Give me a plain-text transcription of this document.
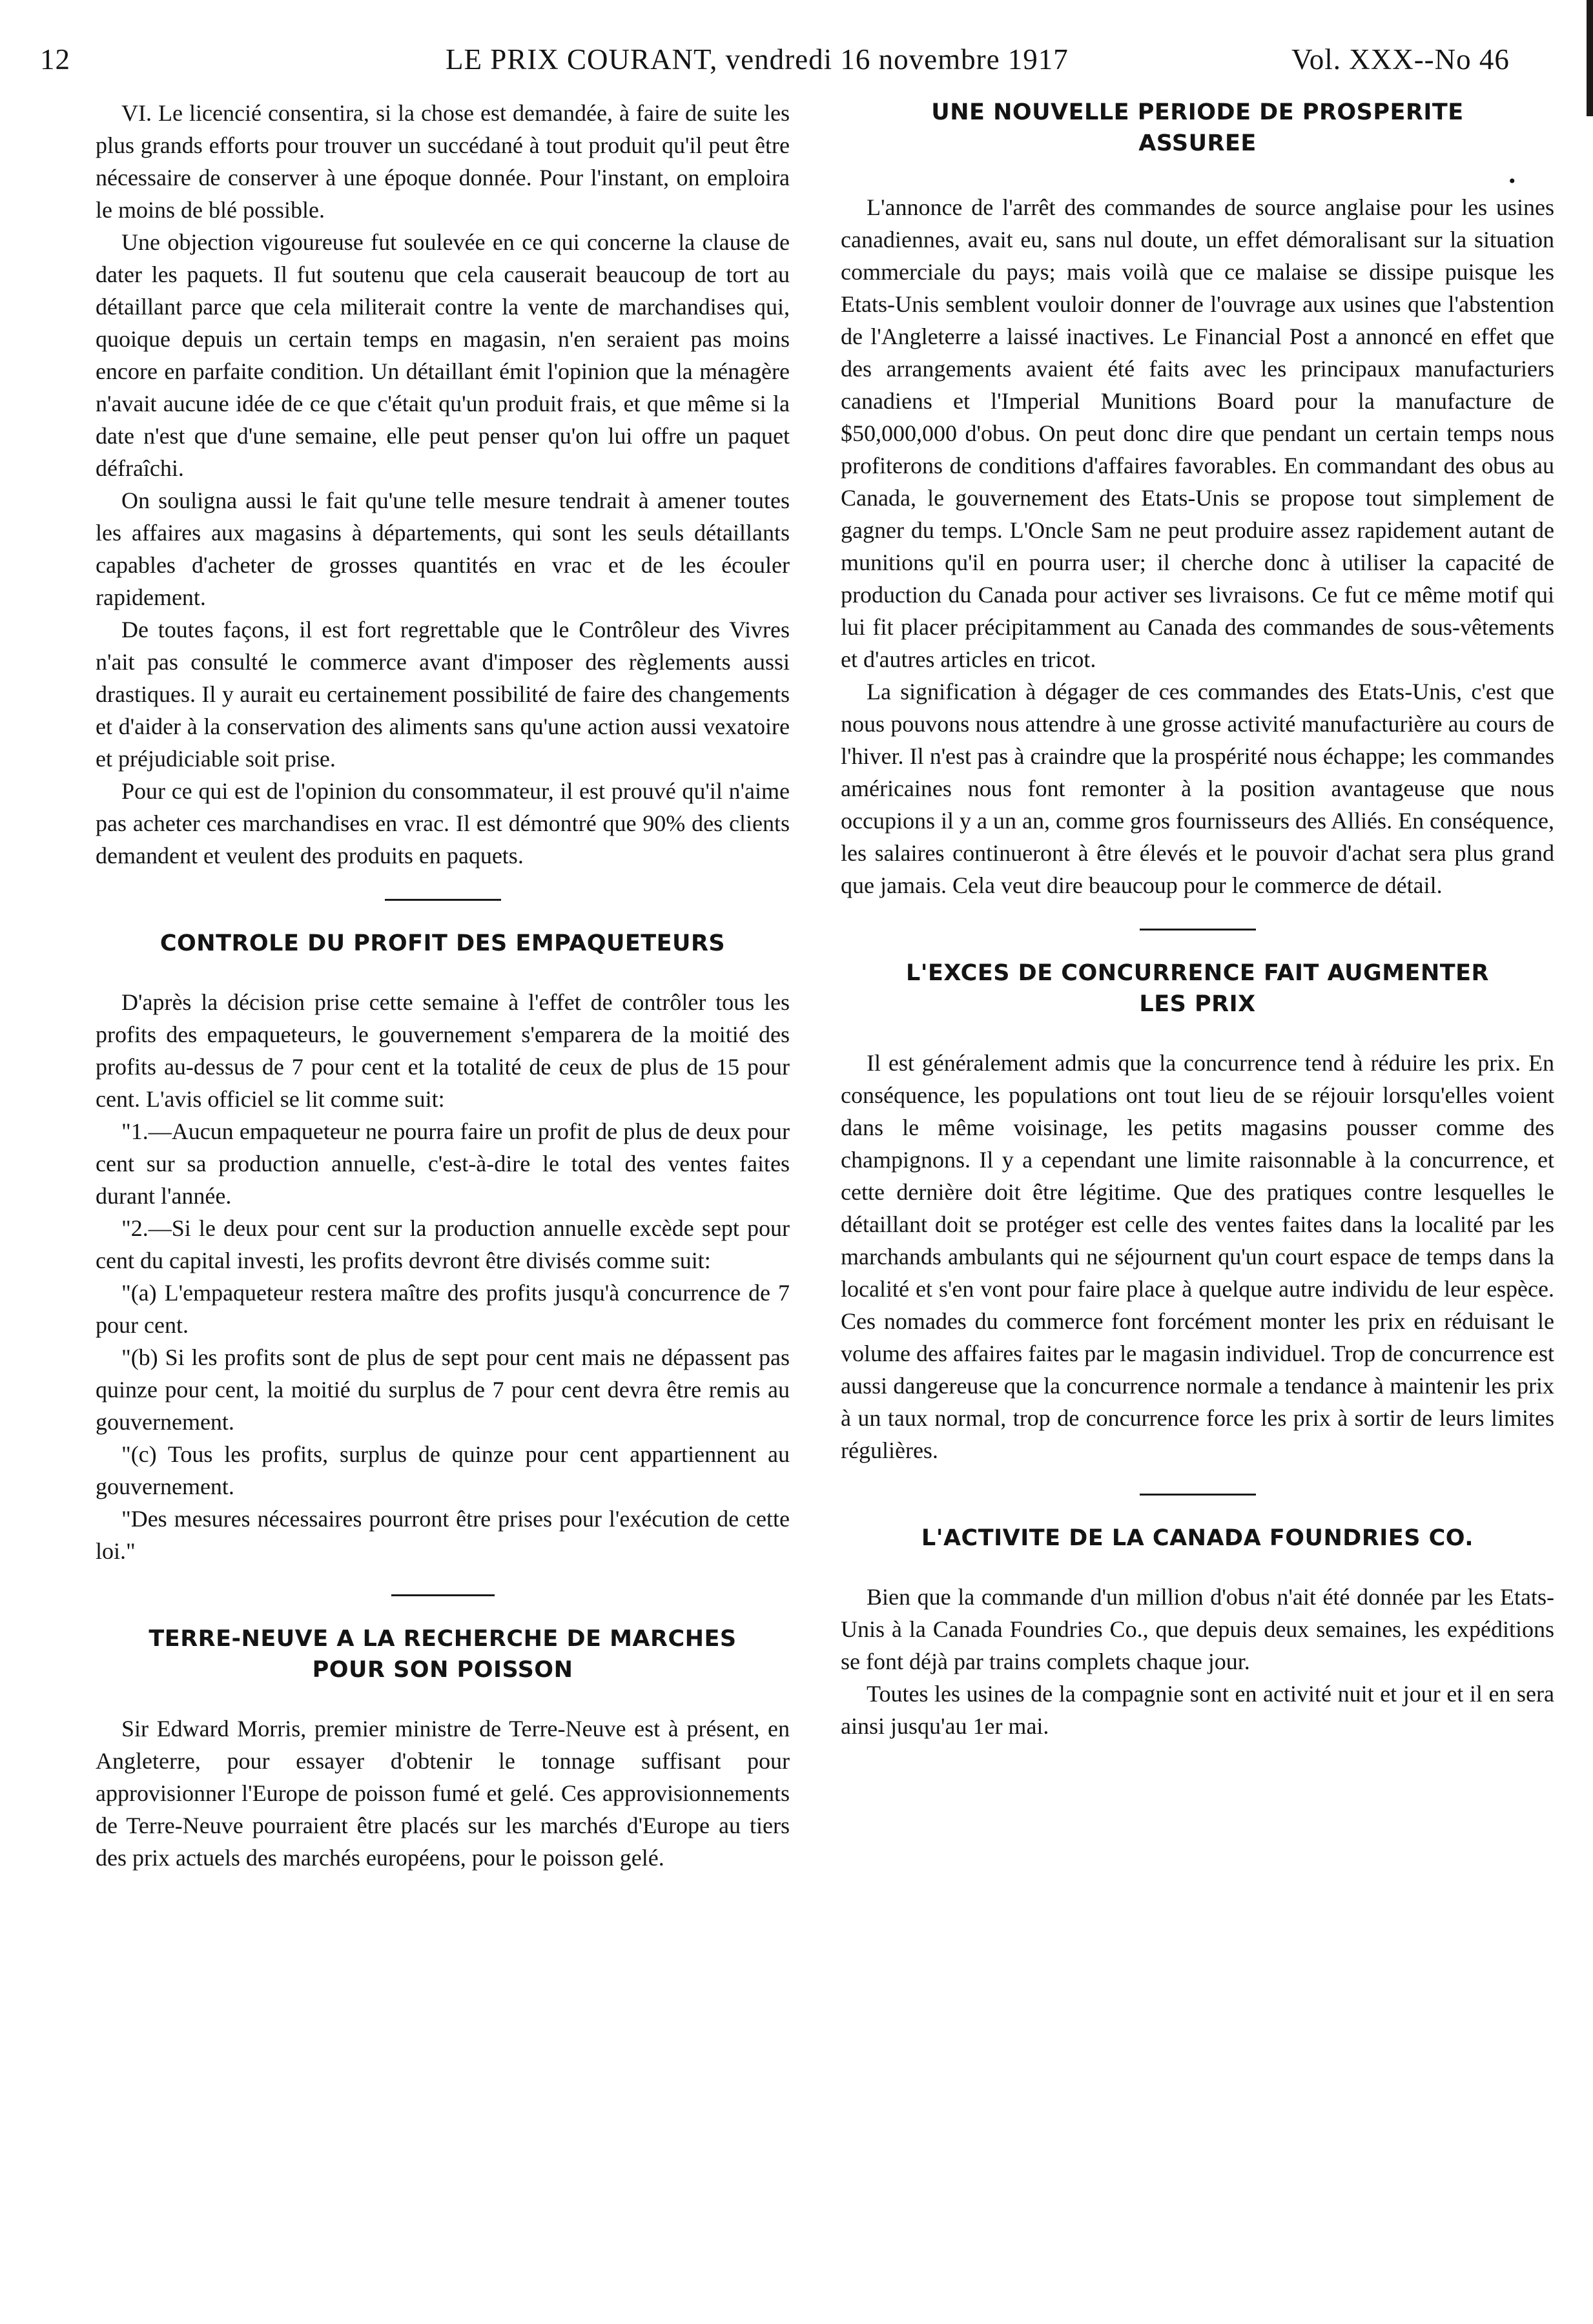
12	LE PRIX COURANT, vendredi 16 novembre 1917	Vol. XXX--No 46

VI. Le licencié consentira, si la chose est demandée, à faire de suite les plus grands efforts pour trouver un succédané à tout produit qu'il peut être nécessaire de conserver à une époque donnée. Pour l'instant, on emploira le moins de blé possible.

Une objection vigoureuse fut soulevée en ce qui concerne la clause de dater les paquets. Il fut soutenu que cela causerait beaucoup de tort au détaillant parce que cela militerait contre la vente de marchandises qui, quoique depuis un certain temps en magasin, n'en seraient pas moins encore en parfaite condition. Un détaillant émit l'opinion que la ménagère n'avait aucune idée de ce que c'était qu'un produit frais, et que même si la date n'est que d'une semaine, elle peut penser qu'on lui offre un paquet défraîchi.

On souligna aussi le fait qu'une telle mesure tendrait à amener toutes les affaires aux magasins à départements, qui sont les seuls détaillants capables d'acheter de grosses quantités en vrac et de les écouler rapidement.

De toutes façons, il est fort regrettable que le Contrôleur des Vivres n'ait pas consulté le commerce avant d'imposer des règlements aussi drastiques. Il y aurait eu certainement possibilité de faire des changements et d'aider à la conservation des aliments sans qu'une action aussi vexatoire et préjudiciable soit prise.

Pour ce qui est de l'opinion du consommateur, il est prouvé qu'il n'aime pas acheter ces marchandises en vrac. Il est démontré que 90% des clients demandent et veulent des produits en paquets.

CONTROLE DU PROFIT DES EMPAQUETEURS

D'après la décision prise cette semaine à l'effet de contrôler tous les profits des empaqueteurs, le gouvernement s'emparera de la moitié des profits au-dessus de 7 pour cent et la totalité de ceux de plus de 15 pour cent. L'avis officiel se lit comme suit:

"1.—Aucun empaqueteur ne pourra faire un profit de plus de deux pour cent sur sa production annuelle, c'est-à-dire le total des ventes faites durant l'année.

"2.—Si le deux pour cent sur la production annuelle excède sept pour cent du capital investi, les profits devront être divisés comme suit:

"(a) L'empaqueteur restera maître des profits jusqu'à concurrence de 7 pour cent.

"(b) Si les profits sont de plus de sept pour cent mais ne dépassent pas quinze pour cent, la moitié du surplus de 7 pour cent devra être remis au gouvernement.

"(c) Tous les profits, surplus de quinze pour cent appartiennent au gouvernement.

"Des mesures nécessaires pourront être prises pour l'exécution de cette loi."

TERRE-NEUVE A LA RECHERCHE DE MARCHES
POUR SON POISSON

Sir Edward Morris, premier ministre de Terre-Neuve est à présent, en Angleterre, pour essayer d'obtenir le tonnage suffisant pour approvisionner l'Europe de poisson fumé et gelé. Ces approvisionnements de Terre-Neuve pourraient être placés sur les marchés d'Europe au tiers des prix actuels des marchés européens, pour le poisson gelé.

UNE NOUVELLE PERIODE DE PROSPERITE
ASSUREE
•

L'annonce de l'arrêt des commandes de source anglaise pour les usines canadiennes, avait eu, sans nul doute, un effet démoralisant sur la situation commerciale du pays; mais voilà que ce malaise se dissipe puisque les Etats-Unis semblent vouloir donner de l'ouvrage aux usines que l'abstention de l'Angleterre a laissé inactives. Le Financial Post a annoncé en effet que des arrangements avaient été faits avec les principaux manufacturiers canadiens et l'Imperial Munitions Board pour la manufacture de $50,000,000 d'obus. On peut donc dire que pendant un certain temps nous profiterons de conditions d'affaires favorables. En commandant des obus au Canada, le gouvernement des Etats-Unis se propose tout simplement de gagner du temps. L'Oncle Sam ne peut produire assez rapidement autant de munitions qu'il en pourra user; il cherche donc à utiliser la capacité de production du Canada pour activer ses livraisons. Ce fut ce même motif qui lui fit placer précipitamment au Canada des commandes de sous-vêtements et d'autres articles en tricot.

La signification à dégager de ces commandes des Etats-Unis, c'est que nous pouvons nous attendre à une grosse activité manufacturière au cours de l'hiver. Il n'est pas à craindre que la prospérité nous échappe; les commandes américaines nous font remonter à la position avantageuse que nous occupions il y a un an, comme gros fournisseurs des Alliés. En conséquence, les salaires continueront à être élevés et le pouvoir d'achat sera plus grand que jamais. Cela veut dire beaucoup pour le commerce de détail.

L'EXCES DE CONCURRENCE FAIT AUGMENTER
LES PRIX

Il est généralement admis que la concurrence tend à réduire les prix. En conséquence, les populations ont tout lieu de se réjouir lorsqu'elles voient dans le même voisinage, les petits magasins pousser comme des champignons. Il y a cependant une limite raisonnable à la concurrence, et cette dernière doit être légitime. Que des pratiques contre lesquelles le détaillant doit se protéger est celle des ventes faites dans la localité par les marchands ambulants qui ne séjournent qu'un court espace de temps dans la localité et s'en vont pour faire place à quelque autre individu de leur espèce. Ces nomades du commerce font forcément monter les prix en réduisant le volume des affaires faites par le magasin individuel. Trop de concurrence est aussi dangereuse que la concurrence normale a tendance à maintenir les prix à un taux normal, trop de concurrence force les prix à sortir de leurs limites régulières.

L'ACTIVITE DE LA CANADA FOUNDRIES CO.

Bien que la commande d'un million d'obus n'ait été donnée par les Etats-Unis à la Canada Foundries Co., que depuis deux semaines, les expéditions se font déjà par trains complets chaque jour.

Toutes les usines de la compagnie sont en activité nuit et jour et il en sera ainsi jusqu'au 1er mai.
